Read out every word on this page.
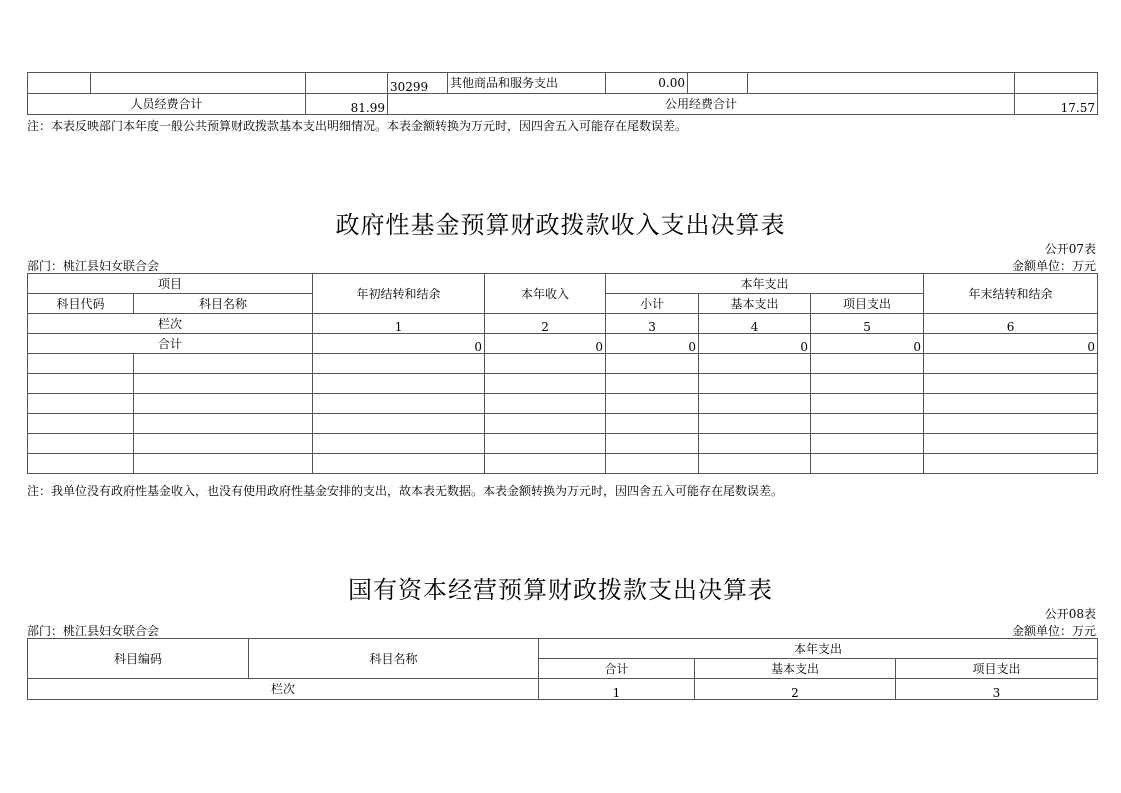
			30299	其他商品和服务支出	0.00			
人员经费合计		81.99	公用经费合计					17.57
注：本表反映部门本年度一般公共预算财政拨款基本支出明细情况。本表金额转换为万元时，因四舍五入可能存在尾数误差。
政府性基金预算财政拨款收入支出决算表
公开07表
部门：桃江县妇女联合会	金额单位：万元
项目		年初结转和结余	本年收入	本年支出			年末结转和结余
科目代码	科目名称			小计	基本支出	项目支出	
栏次		1	2	3	4	5	6
合计		0	0	0	0	0	0

注：我单位没有政府性基金收入，也没有使用政府性基金安排的支出，故本表无数据。本表金额转换为万元时，因四舍五入可能存在尾数误差。
国有资本经营预算财政拨款支出决算表
公开08表
部门：桃江县妇女联合会	金额单位：万元
科目编码	科目名称	本年支出		
		合计	基本支出	项目支出
栏次		1	2	3
